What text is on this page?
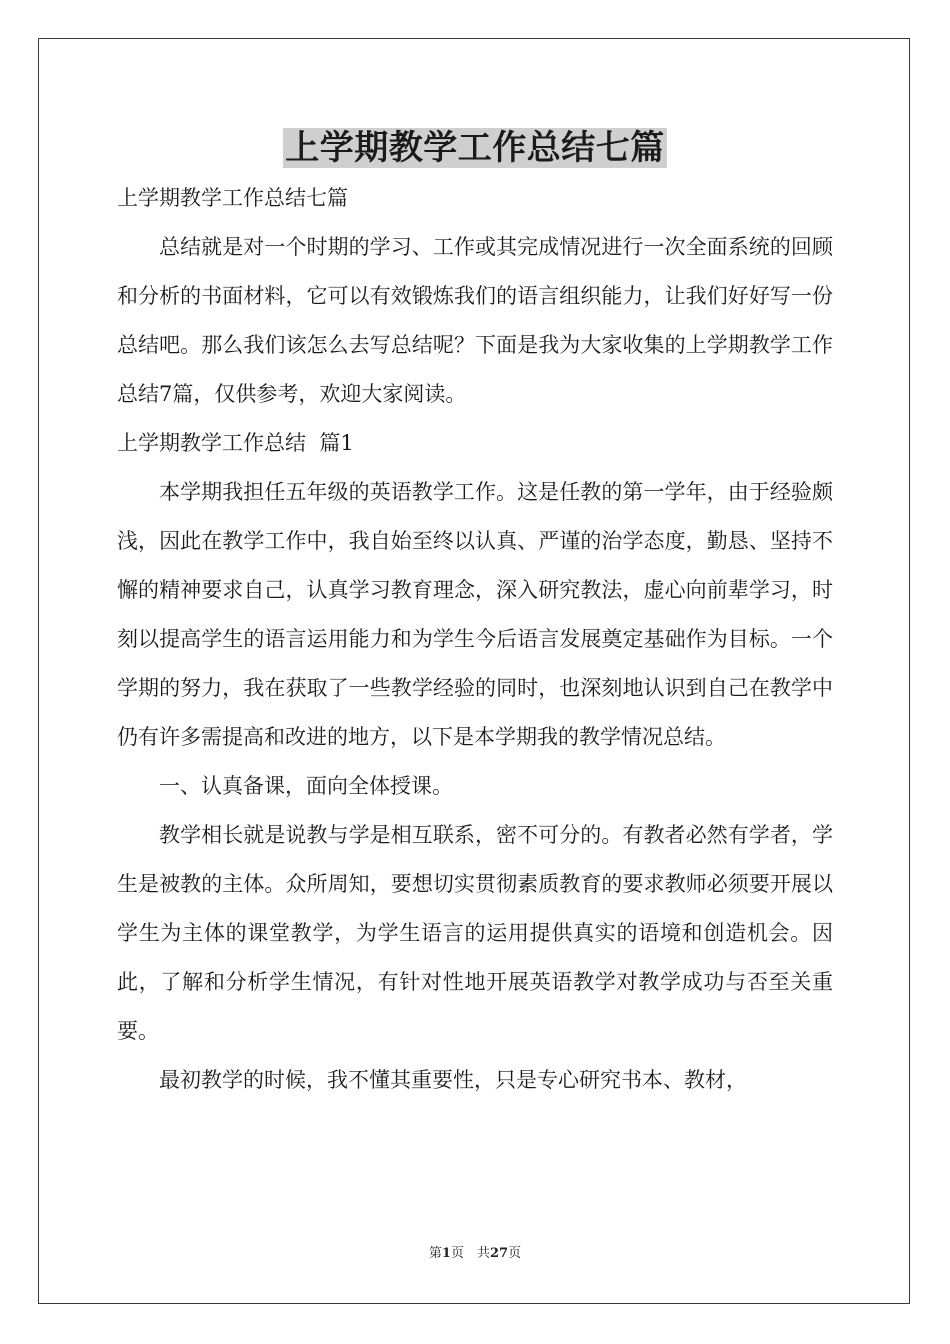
上学期教学工作总结七篇

上学期教学工作总结七篇

总结就是对一个时期的学习、工作或其完成情况进行一次全面系统的回顾和分析的书面材料，它可以有效锻炼我们的语言组织能力，让我们好好写一份总结吧。那么我们该怎么去写总结呢？下面是我为大家收集的上学期教学工作总结7篇，仅供参考，欢迎大家阅读。

上学期教学工作总结  篇1

本学期我担任五年级的英语教学工作。这是任教的第一学年，由于经验颇浅，因此在教学工作中，我自始至终以认真、严谨的治学态度，勤恳、坚持不懈的精神要求自己，认真学习教育理念，深入研究教法，虚心向前辈学习，时刻以提高学生的语言运用能力和为学生今后语言发展奠定基础作为目标。一个学期的努力，我在获取了一些教学经验的同时，也深刻地认识到自己在教学中仍有许多需提高和改进的地方，以下是本学期我的教学情况总结。

一、认真备课，面向全体授课。

教学相长就是说教与学是相互联系，密不可分的。有教者必然有学者，学生是被教的主体。众所周知，要想切实贯彻素质教育的要求教师必须要开展以学生为主体的课堂教学，为学生语言的运用提供真实的语境和创造机会。因此，了解和分析学生情况，有针对性地开展英语教学对教学成功与否至关重要。

最初教学的时候，我不懂其重要性，只是专心研究书本、教材，

第1页　共27页
